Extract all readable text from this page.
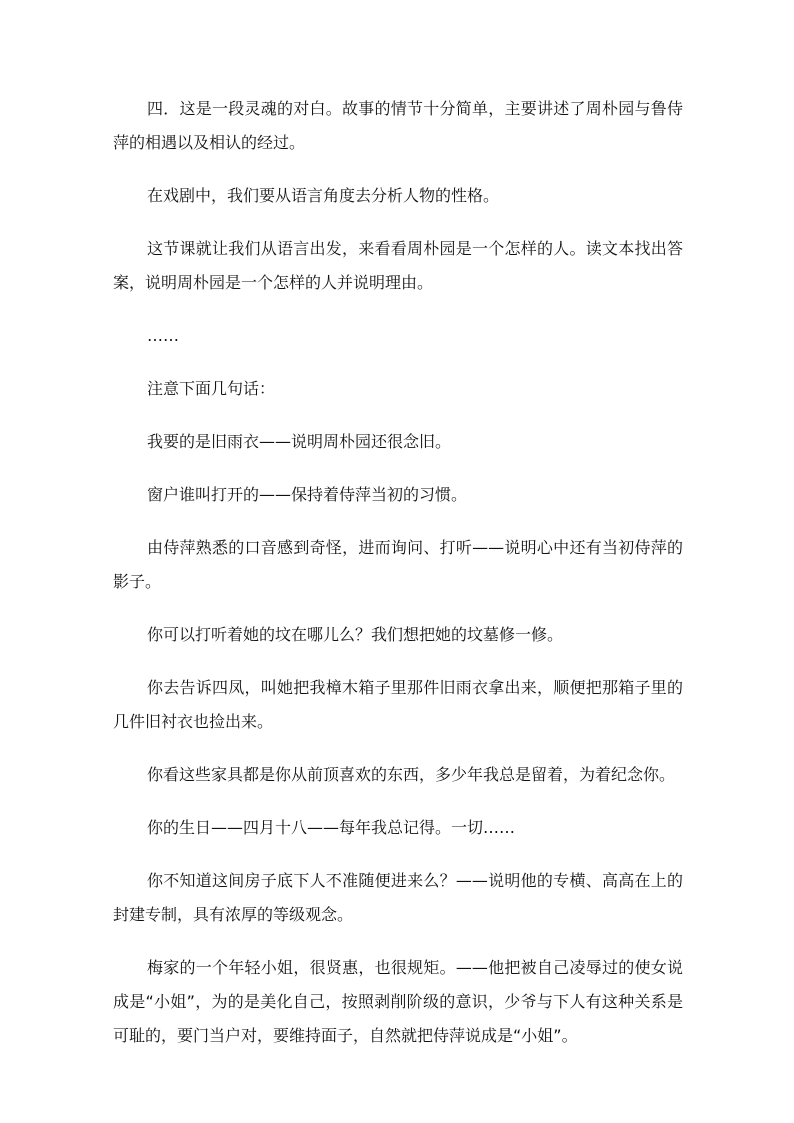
四．这是一段灵魂的对白。故事的情节十分简单，主要讲述了周朴园与鲁侍萍的相遇以及相认的经过。

在戏剧中，我们要从语言角度去分析人物的性格。

这节课就让我们从语言出发，来看看周朴园是一个怎样的人。读文本找出答案，说明周朴园是一个怎样的人并说明理由。

……

注意下面几句话：

我要的是旧雨衣——说明周朴园还很念旧。

窗户谁叫打开的——保持着侍萍当初的习惯。

由侍萍熟悉的口音感到奇怪，进而询问、打听——说明心中还有当初侍萍的影子。

你可以打听着她的坟在哪儿么？我们想把她的坟墓修一修。

你去告诉四凤，叫她把我樟木箱子里那件旧雨衣拿出来，顺便把那箱子里的几件旧衬衣也捡出来。

你看这些家具都是你从前顶喜欢的东西，多少年我总是留着，为着纪念你。

你的生日——四月十八——每年我总记得。一切……

你不知道这间房子底下人不准随便进来么？——说明他的专横、高高在上的封建专制，具有浓厚的等级观念。

梅家的一个年轻小姐，很贤惠，也很规矩。——他把被自己凌辱过的使女说成是“小姐”，为的是美化自己，按照剥削阶级的意识，少爷与下人有这种关系是可耻的，要门当户对，要维持面子，自然就把侍萍说成是“小姐”。
